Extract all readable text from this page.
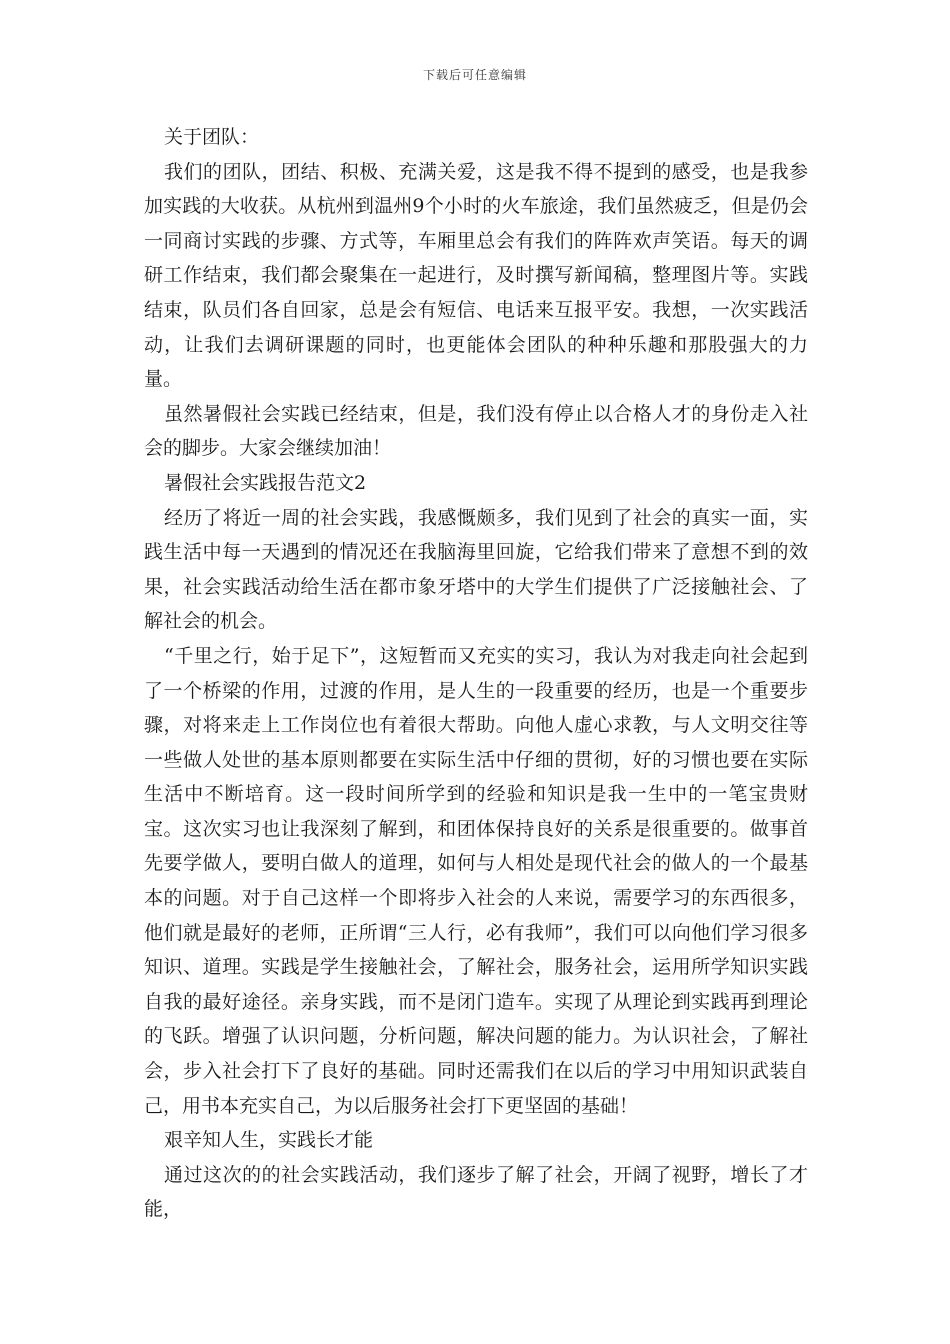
下载后可任意编辑

关于团队：

我们的团队，团结、积极、充满关爱，这是我不得不提到的感受，也是我参加实践的大收获。从杭州到温州9个小时的火车旅途，我们虽然疲乏，但是仍会一同商讨实践的步骤、方式等，车厢里总会有我们的阵阵欢声笑语。每天的调研工作结束，我们都会聚集在一起进行，及时撰写新闻稿，整理图片等。实践结束，队员们各自回家，总是会有短信、电话来互报平安。我想，一次实践活动，让我们去调研课题的同时，也更能体会团队的种种乐趣和那股强大的力量。

虽然暑假社会实践已经结束，但是，我们没有停止以合格人才的身份走入社会的脚步。大家会继续加油！

暑假社会实践报告范文2

经历了将近一周的社会实践，我感慨颇多，我们见到了社会的真实一面，实践生活中每一天遇到的情况还在我脑海里回旋，它给我们带来了意想不到的效果，社会实践活动给生活在都市象牙塔中的大学生们提供了广泛接触社会、了解社会的机会。

“千里之行，始于足下”，这短暂而又充实的实习，我认为对我走向社会起到了一个桥梁的作用，过渡的作用，是人生的一段重要的经历，也是一个重要步骤，对将来走上工作岗位也有着很大帮助。向他人虚心求教，与人文明交往等一些做人处世的基本原则都要在实际生活中仔细的贯彻，好的习惯也要在实际生活中不断培育。这一段时间所学到的经验和知识是我一生中的一笔宝贵财宝。这次实习也让我深刻了解到，和团体保持良好的关系是很重要的。做事首先要学做人，要明白做人的道理，如何与人相处是现代社会的做人的一个最基本的问题。对于自己这样一个即将步入社会的人来说，需要学习的东西很多，他们就是最好的老师，正所谓“三人行，必有我师”，我们可以向他们学习很多知识、道理。实践是学生接触社会，了解社会，服务社会，运用所学知识实践自我的最好途径。亲身实践，而不是闭门造车。实现了从理论到实践再到理论的飞跃。增强了认识问题，分析问题，解决问题的能力。为认识社会，了解社会，步入社会打下了良好的基础。同时还需我们在以后的学习中用知识武装自己，用书本充实自己，为以后服务社会打下更坚固的基础！

艰辛知人生，实践长才能

通过这次的的社会实践活动，我们逐步了解了社会，开阔了视野，增长了才能，
